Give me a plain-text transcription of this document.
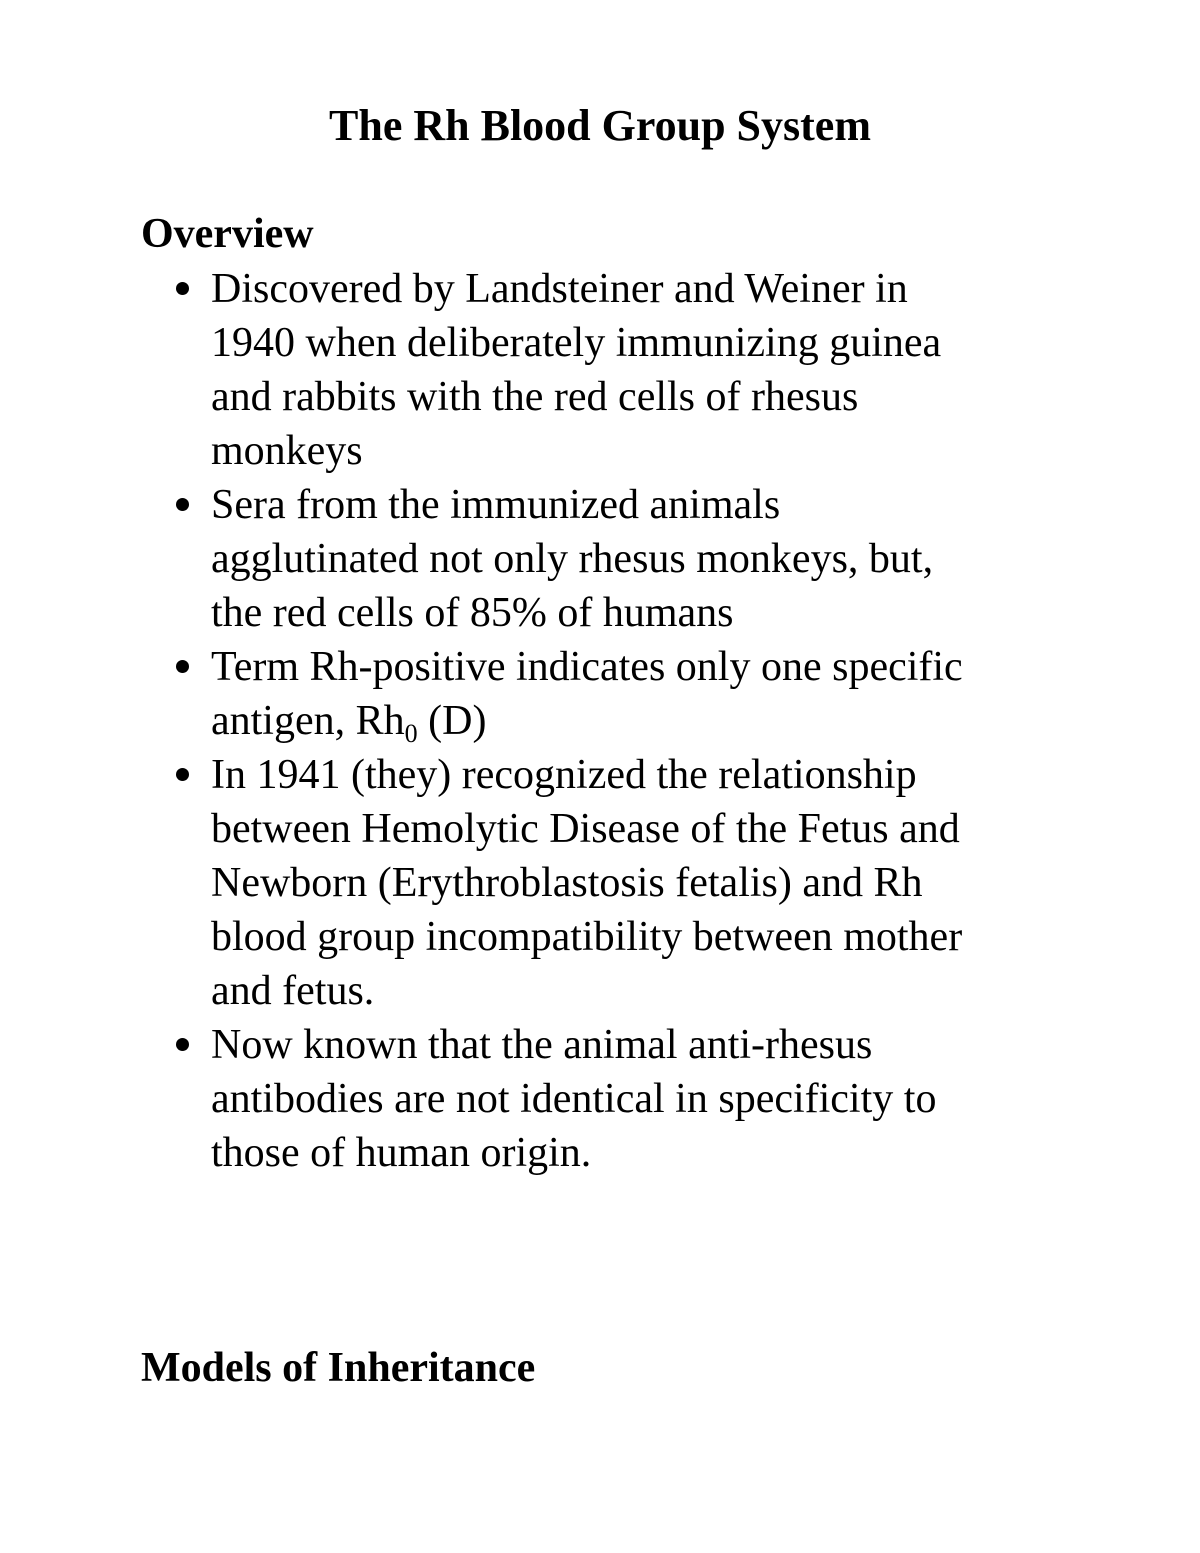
The Rh Blood Group System
Overview
Discovered by Landsteiner and Weiner in
1940 when deliberately immunizing guinea
and rabbits with the red cells of rhesus
monkeys
Sera from the immunized animals
agglutinated not only rhesus monkeys, but,
the red cells of 85% of humans
Term Rh-positive indicates only one specific
antigen, Rh0 (D)
In 1941 (they) recognized the relationship
between Hemolytic Disease of the Fetus and
Newborn (Erythroblastosis fetalis) and Rh
blood group incompatibility between mother
and fetus.
Now known that the animal anti-rhesus
antibodies are not identical in specificity to
those of human origin.
Models of Inheritance
